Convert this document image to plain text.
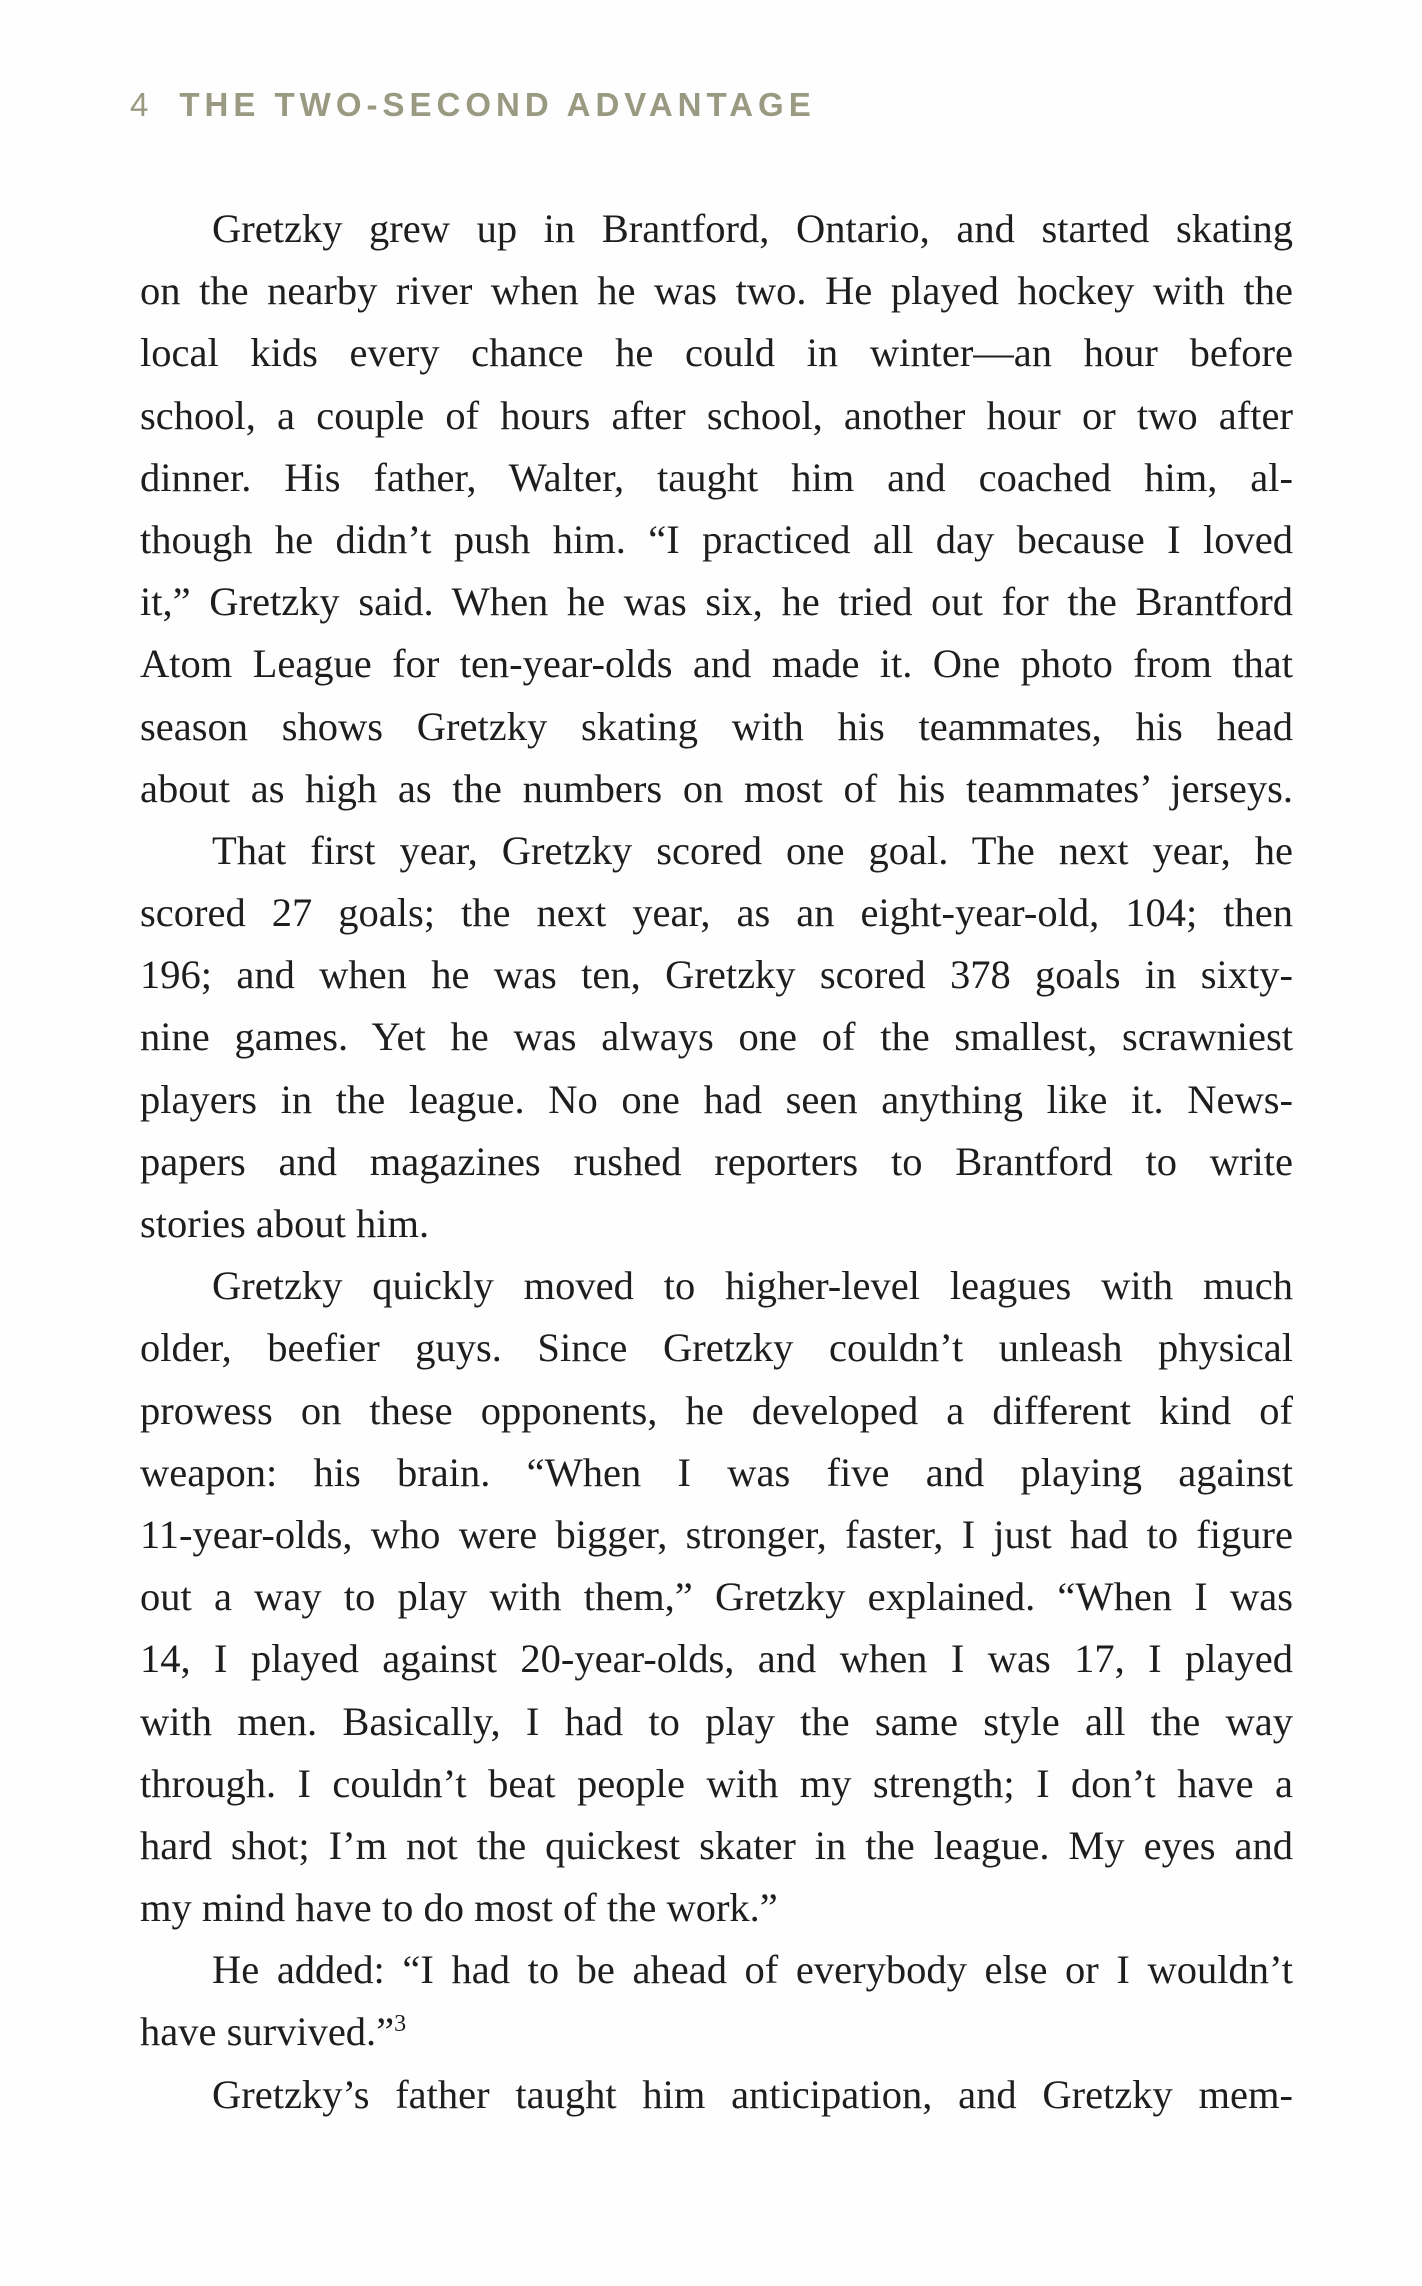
4 THE TWO-SECOND ADVANTAGE
Gretzky grew up in Brantford, Ontario, and started skating
on the nearby river when he was two. He played hockey with the
local kids every chance he could in winter—an hour before
school, a couple of hours after school, another hour or two after
dinner. His father, Walter, taught him and coached him, al-
though he didn’t push him. “I practiced all day because I loved
it,” Gretzky said. When he was six, he tried out for the Brantford
Atom League for ten-year-olds and made it. One photo from that
season shows Gretzky skating with his teammates, his head
about as high as the numbers on most of his teammates’ jerseys.
That first year, Gretzky scored one goal. The next year, he
scored 27 goals; the next year, as an eight-year-old, 104; then
196; and when he was ten, Gretzky scored 378 goals in sixty-
nine games. Yet he was always one of the smallest, scrawniest
players in the league. No one had seen anything like it. News-
papers and magazines rushed reporters to Brantford to write
stories about him.
Gretzky quickly moved to higher-level leagues with much
older, beefier guys. Since Gretzky couldn’t unleash physical
prowess on these opponents, he developed a different kind of
weapon: his brain. “When I was five and playing against
11-year-olds, who were bigger, stronger, faster, I just had to figure
out a way to play with them,” Gretzky explained. “When I was
14, I played against 20-year-olds, and when I was 17, I played
with men. Basically, I had to play the same style all the way
through. I couldn’t beat people with my strength; I don’t have a
hard shot; I’m not the quickest skater in the league. My eyes and
my mind have to do most of the work.”
He added: “I had to be ahead of everybody else or I wouldn’t
have survived.”$^3$
Gretzky’s father taught him anticipation, and Gretzky mem-
